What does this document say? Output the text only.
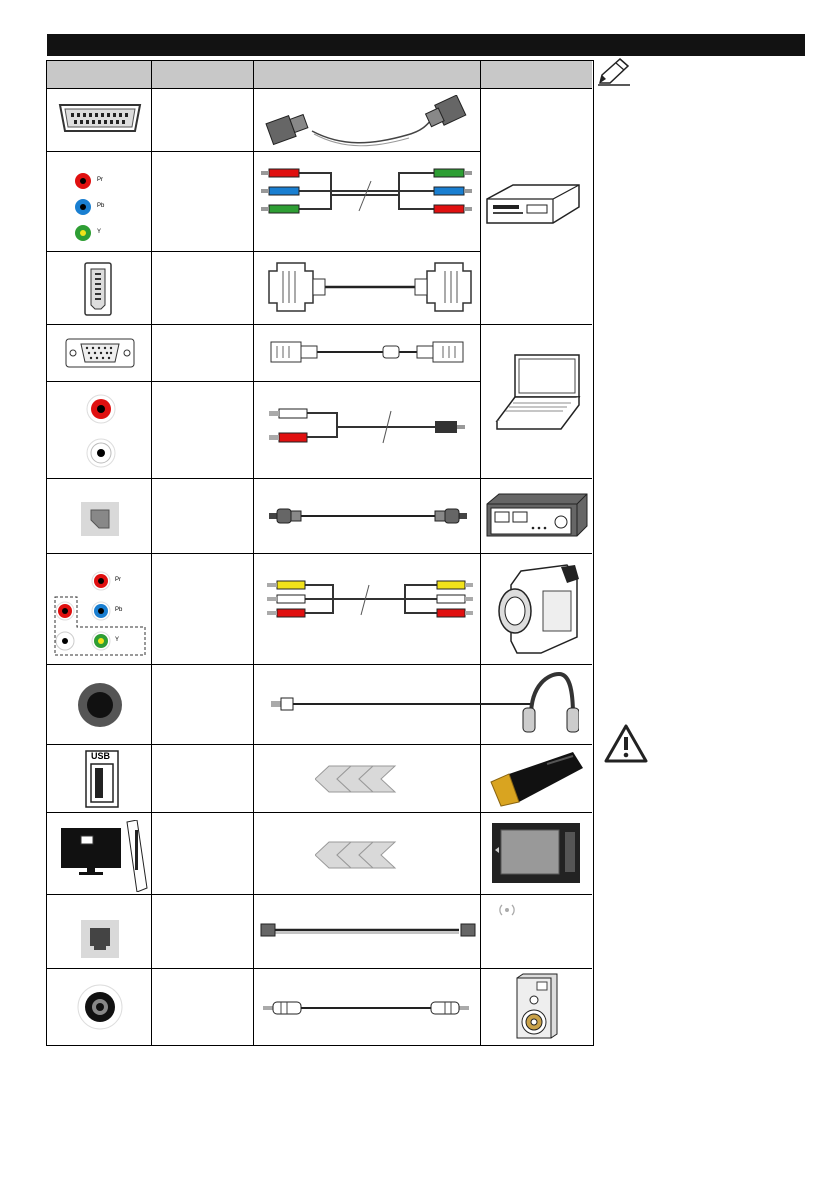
Pr
Pb
Y
Pr
Pb
Y
USB
